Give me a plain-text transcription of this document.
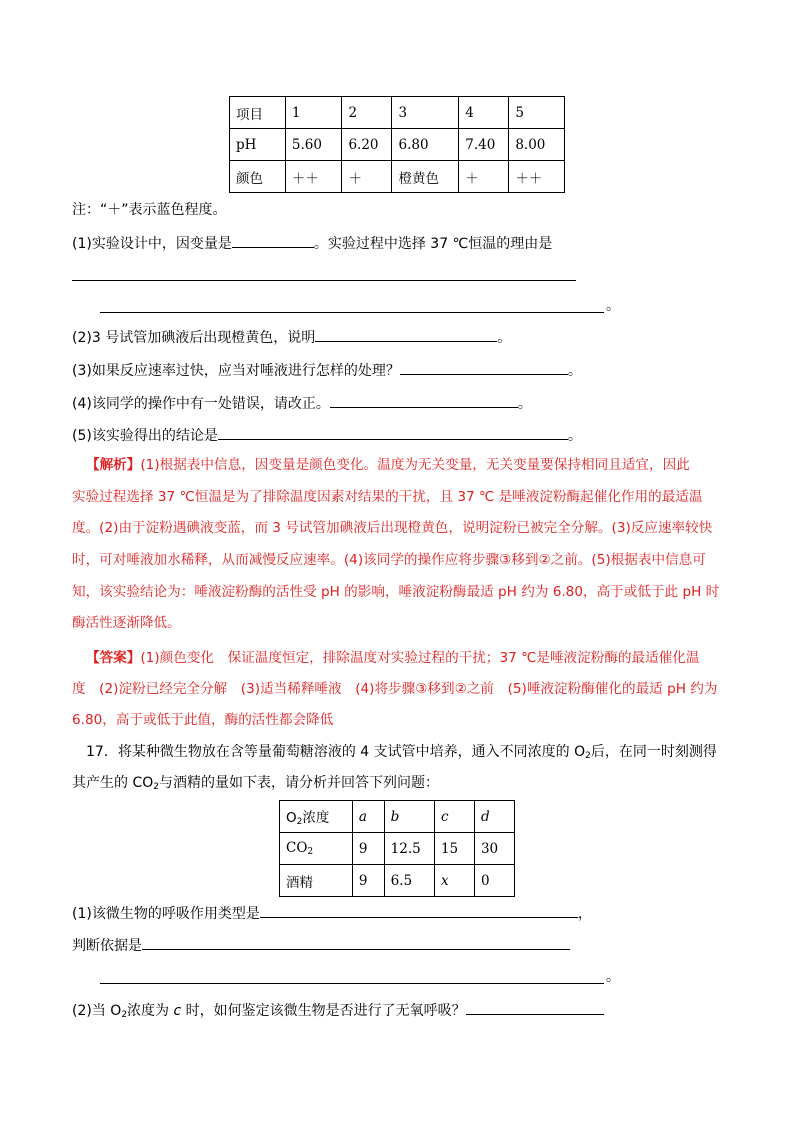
项目	1	2	3	4	5
pH	5.60	6.20	6.80	7.40	8.00
颜色	＋＋	＋	橙黄色	＋	＋＋
注：“＋”表示蓝色程度。
(1)实验设计中，因变量是	。实验过程中选择 37 ℃恒温的理由是
。
(2)3 号试管加碘液后出现橙黄色，说明	。
(3)如果反应速率过快，应当对唾液进行怎样的处理？	。
(4)该同学的操作中有一处错误，请改正。	。
(5)该实验得出的结论是	。
【解析】(1)根据表中信息，因变量是颜色变化。温度为无关变量，无关变量要保持相同且适宜，因此
实验过程选择 37 ℃恒温是为了排除温度因素对结果的干扰，且 37 ℃ 是唾液淀粉酶起催化作用的最适温
度。(2)由于淀粉遇碘液变蓝，而 3 号试管加碘液后出现橙黄色，说明淀粉已被完全分解。(3)反应速率较快
时，可对唾液加水稀释，从而减慢反应速率。(4)该同学的操作应将步骤③移到②之前。(5)根据表中信息可
知，该实验结论为：唾液淀粉酶的活性受 pH 的影响，唾液淀粉酶最适 pH 约为 6.80，高于或低于此 pH 时
酶活性逐渐降低。
【答案】(1)颜色变化　保证温度恒定，排除温度对实验过程的干扰；37 ℃是唾液淀粉酶的最适催化温
度　(2)淀粉已经完全分解　(3)适当稀释唾液　(4)将步骤③移到②之前　(5)唾液淀粉酶催化的最适 pH 约为
6.80，高于或低于此值，酶的活性都会降低
17．将某种微生物放在含等量葡萄糖溶液的 4 支试管中培养，通入不同浓度的 $O_2$后，在同一时刻测得
其产生的 $CO_2$与酒精的量如下表，请分析并回答下列问题：
$O_2$浓度	a	b	c	d
$CO_2$	9	12.5	15	30
酒精	9	6.5	x	0
(1)该微生物的呼吸作用类型是	，
判断依据是
。
(2)当 $O_2$浓度为 c 时，如何鉴定该微生物是否进行了无氧呼吸？
